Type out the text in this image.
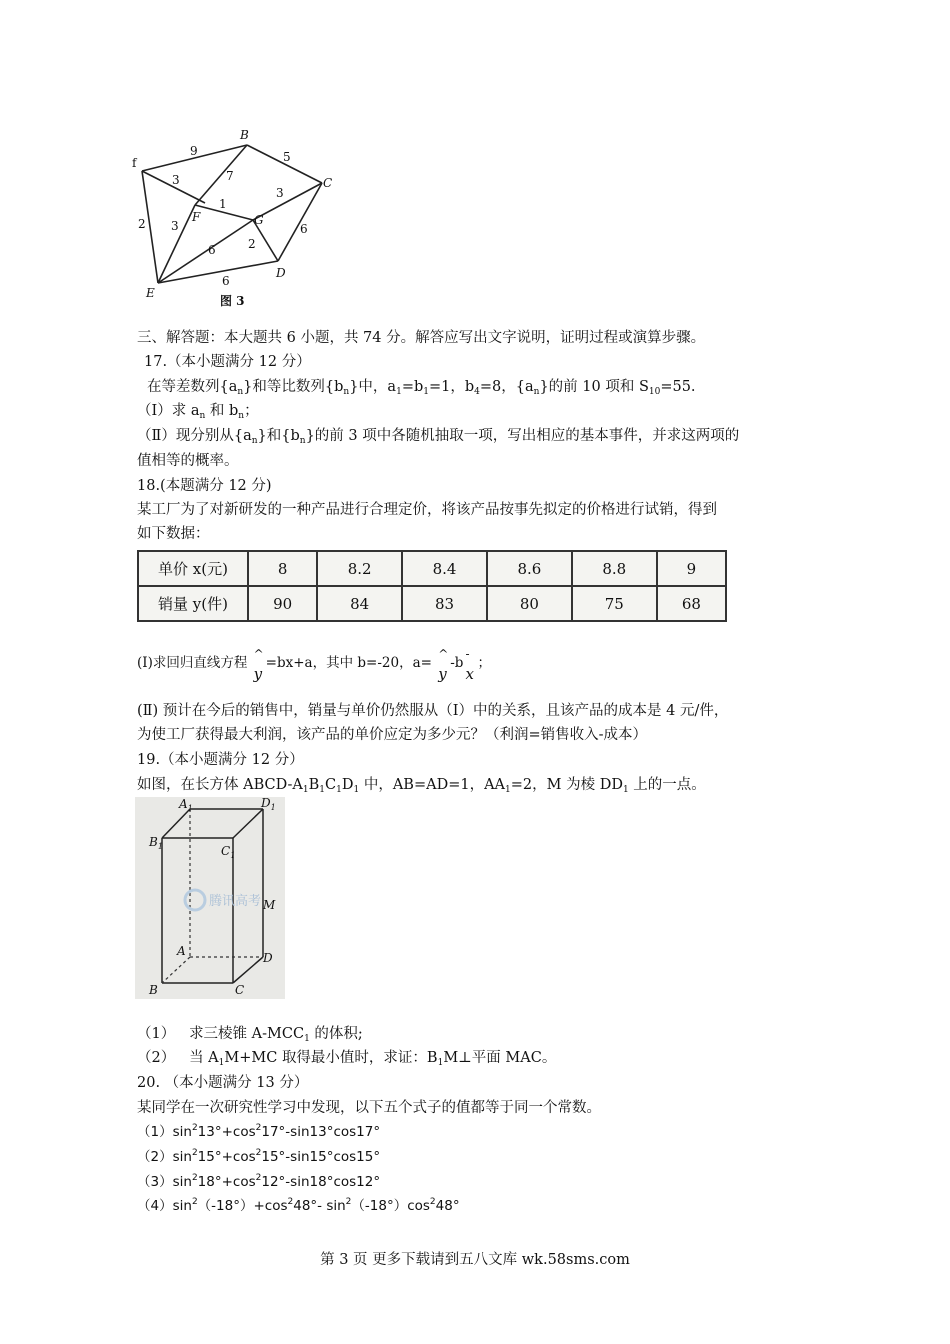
f
B
C
D
E
F	G
9	5
3	7
1
3
2 3
6	2
6
6
图 3
三、解答题：本大题共 6 小题，共 74 分。解答应写出文字说明，证明过程或演算步骤。
17.（本小题满分 12 分）
在等差数列$\{a_n\}$和等比数列$\{b_n\}$中，$a_1=b_1=1$，$b_4=8$，$\{a_n\}$的前 10 项和 $S_{10}=55$.
（Ⅰ）求 $a_n$ 和 $b_n$；
（Ⅱ）现分别从$\{a_n\}$和$\{b_n\}$的前 3 项中各随机抽取一项，写出相应的基本事件，并求这两项的
值相等的概率。
18.(本题满分 12 分)
某工厂为了对新研发的一种产品进行合理定价，将该产品按事先拟定的价格进行试销，得到
如下数据：
单价 x(元)	8	8.2	8.4	8.6	8.8	9
销量 y(件)	90	84	83	80	75	68
(Ⅰ)求回归直线方程
^
y
=bx+a，其中 b=-20，a=
^
y
-b
-
x
；
(Ⅱ) 预计在今后的销售中，销量与单价仍然服从（Ⅰ）中的关系，且该产品的成本是 4 元/件，
为使工厂获得最大利润，该产品的单价应定为多少元？（利润=销售收入-成本）
19.（本小题满分 12 分）
如图，在长方体 ABCD-$A_1B_1C_1D_1$ 中，AB=AD=1，$AA_1=2$，M 为棱 $DD_1$ 上的一点。
腾讯高考
$A_1$	$D_1$
$B_1$	$C_1$
M
A	D
B	C
（1） 求三棱锥 $A-MCC_1$ 的体积;
（2） 当 $A_1M+MC$ 取得最小值时，求证：$B_1M\perp$平面 MAC。
20. （本小题满分 13 分）
某同学在一次研究性学习中发现，以下五个式子的值都等于同一个常数。
$(1)\sin^213^\circ+\cos^217^\circ-\sin 13^\circ\cos 17^\circ$
$(2)\sin^215^\circ+\cos^215^\circ-\sin 15^\circ\cos 15^\circ$
$(3)\sin^218^\circ+\cos^212^\circ-\sin 18^\circ\cos 12^\circ$
$(4)\sin^2(-18^\circ)+\cos^248^\circ-$ $\sin^2(-18^\circ)\cos^248^\circ$
第 3 页 更多下载请到五八文库 wk.58sms.com
